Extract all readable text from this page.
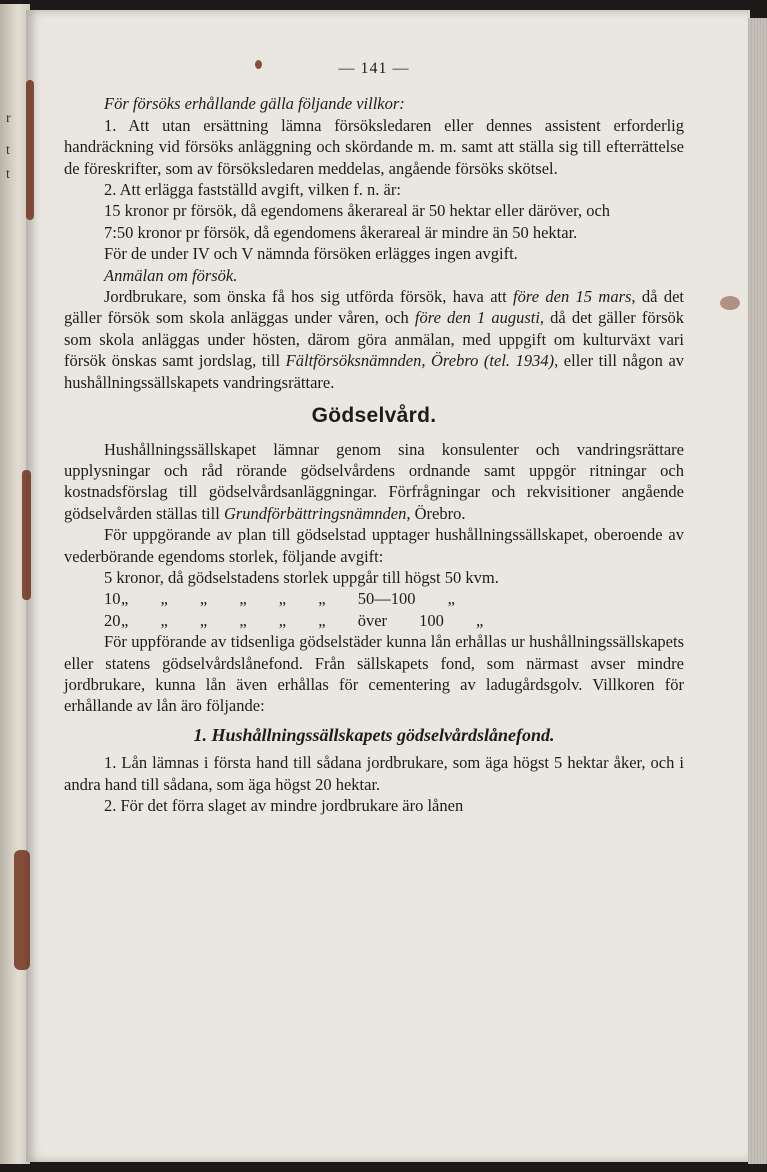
r
t
t
— 141 —

För försöks erhållande gälla följande villkor:

1. Att utan ersättning lämna försöksledaren eller dennes assistent erforderlig handräckning vid försöks anläggning och skördande m. m. samt att ställa sig till efterrättelse de föreskrifter, som av försöksledaren meddelas, angående försöks skötsel.

2. Att erlägga fastställd avgift, vilken f. n. är:

15 kronor pr försök, då egendomens åkerareal är 50 hektar eller däröver, och

7:50 kronor pr försök, då egendomens åkerareal är mindre än 50 hektar.

För de under IV och V nämnda försöken erlägges ingen avgift.

Anmälan om försök.

Jordbrukare, som önska få hos sig utförda försök, hava att före den 15 mars, då det gäller försök som skola anläggas under våren, och före den 1 augusti, då det gäller försök som skola anläggas under hösten, därom göra anmälan, med uppgift om kulturväxt vari försök önskas samt jordslag, till Fältförsöksnämnden, Örebro (tel. 1934), eller till någon av hushållningssällskapets vandringsrättare.

Gödselvård.

Hushållningssällskapet lämnar genom sina konsulenter och vandringsrättare upplysningar och råd rörande gödselvårdens ordnande samt uppgör ritningar och kostnadsförslag till gödselvårdsanläggningar. Förfrågningar och rekvisitioner angående gödselvården ställas till Grundförbättringsnämnden, Örebro.

För uppgörande av plan till gödselstad upptager hushållningssällskapet, oberoende av vederbörande egendoms storlek, följande avgift:

5 kronor, då gödselstadens storlek uppgår till högst 50 kvm.

10 „ „ „ „ „ „ 50—100 „
20 „ „ „ „ „ „ över 100 „

För uppförande av tidsenliga gödselstäder kunna lån erhållas ur hushållningssällskapets eller statens gödselvårdslånefond. Från sällskapets fond, som närmast avser mindre jordbrukare, kunna lån även erhållas för cementering av ladugårdsgolv. Villkoren för erhållande av lån äro följande:

1. Hushållningssällskapets gödselvårdslånefond.

1. Lån lämnas i första hand till sådana jordbrukare, som äga högst 5 hektar åker, och i andra hand till sådana, som äga högst 20 hektar.

2. För det förra slaget av mindre jordbrukare äro lånen
